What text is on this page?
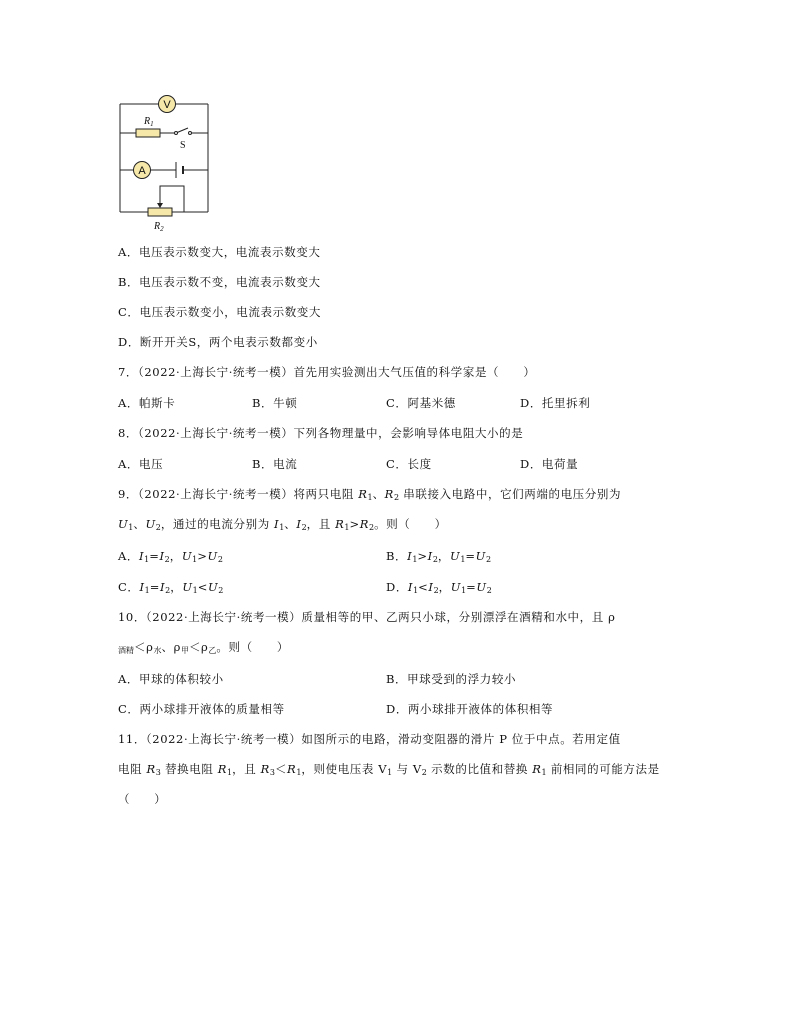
V
$R_1$
S
A
$R_2$
A．电压表示数变大，电流表示数变大
B．电压表示数不变，电流表示数变大
C．电压表示数变小，电流表示数变大
D．断开开关S，两个电表示数都变小
7．（2022·上海长宁·统考一模）首先用实验测出大气压值的科学家是（　　）
A．帕斯卡	B．牛顿	C．阿基米德	D．托里拆利
8．（2022·上海长宁·统考一模）下列各物理量中，会影响导体电阻大小的是
A．电压	B．电流	C．长度	D．电荷量
9．（2022·上海长宁·统考一模）将两只电阻 $R_1$、$R_2$ 串联接入电路中，它们两端的电压分别为
$U_1$、$U_2$，通过的电流分别为 $I_1$、$I_2$，且 $R_1>R_2$。则（　　）
A．$I_1=I_2$，$U_1>U_2$	B．$I_1>I_2$，$U_1=U_2$
C．$I_1=I_2$，$U_1<U_2$	D．$I_1<I_2$，$U_1=U_2$
10．（2022·上海长宁·统考一模）质量相等的甲、乙两只小球，分别漂浮在酒精和水中，且 ρ
$_{酒精}<\rho_水$、$\rho_甲<\rho_乙$。则（　　）
A．甲球的体积较小	B．甲球受到的浮力较小
C．两小球排开液体的质量相等	D．两小球排开液体的体积相等
11．（2022·上海长宁·统考一模）如图所示的电路，滑动变阻器的滑片 P 位于中点。若用定值
电阻 $R_3$ 替换电阻 $R_1$，且 $R_3<R_1$，则使电压表 $V_1$ 与 $V_2$ 示数的比值和替换 $R_1$ 前相同的可能方法是
（　　）
